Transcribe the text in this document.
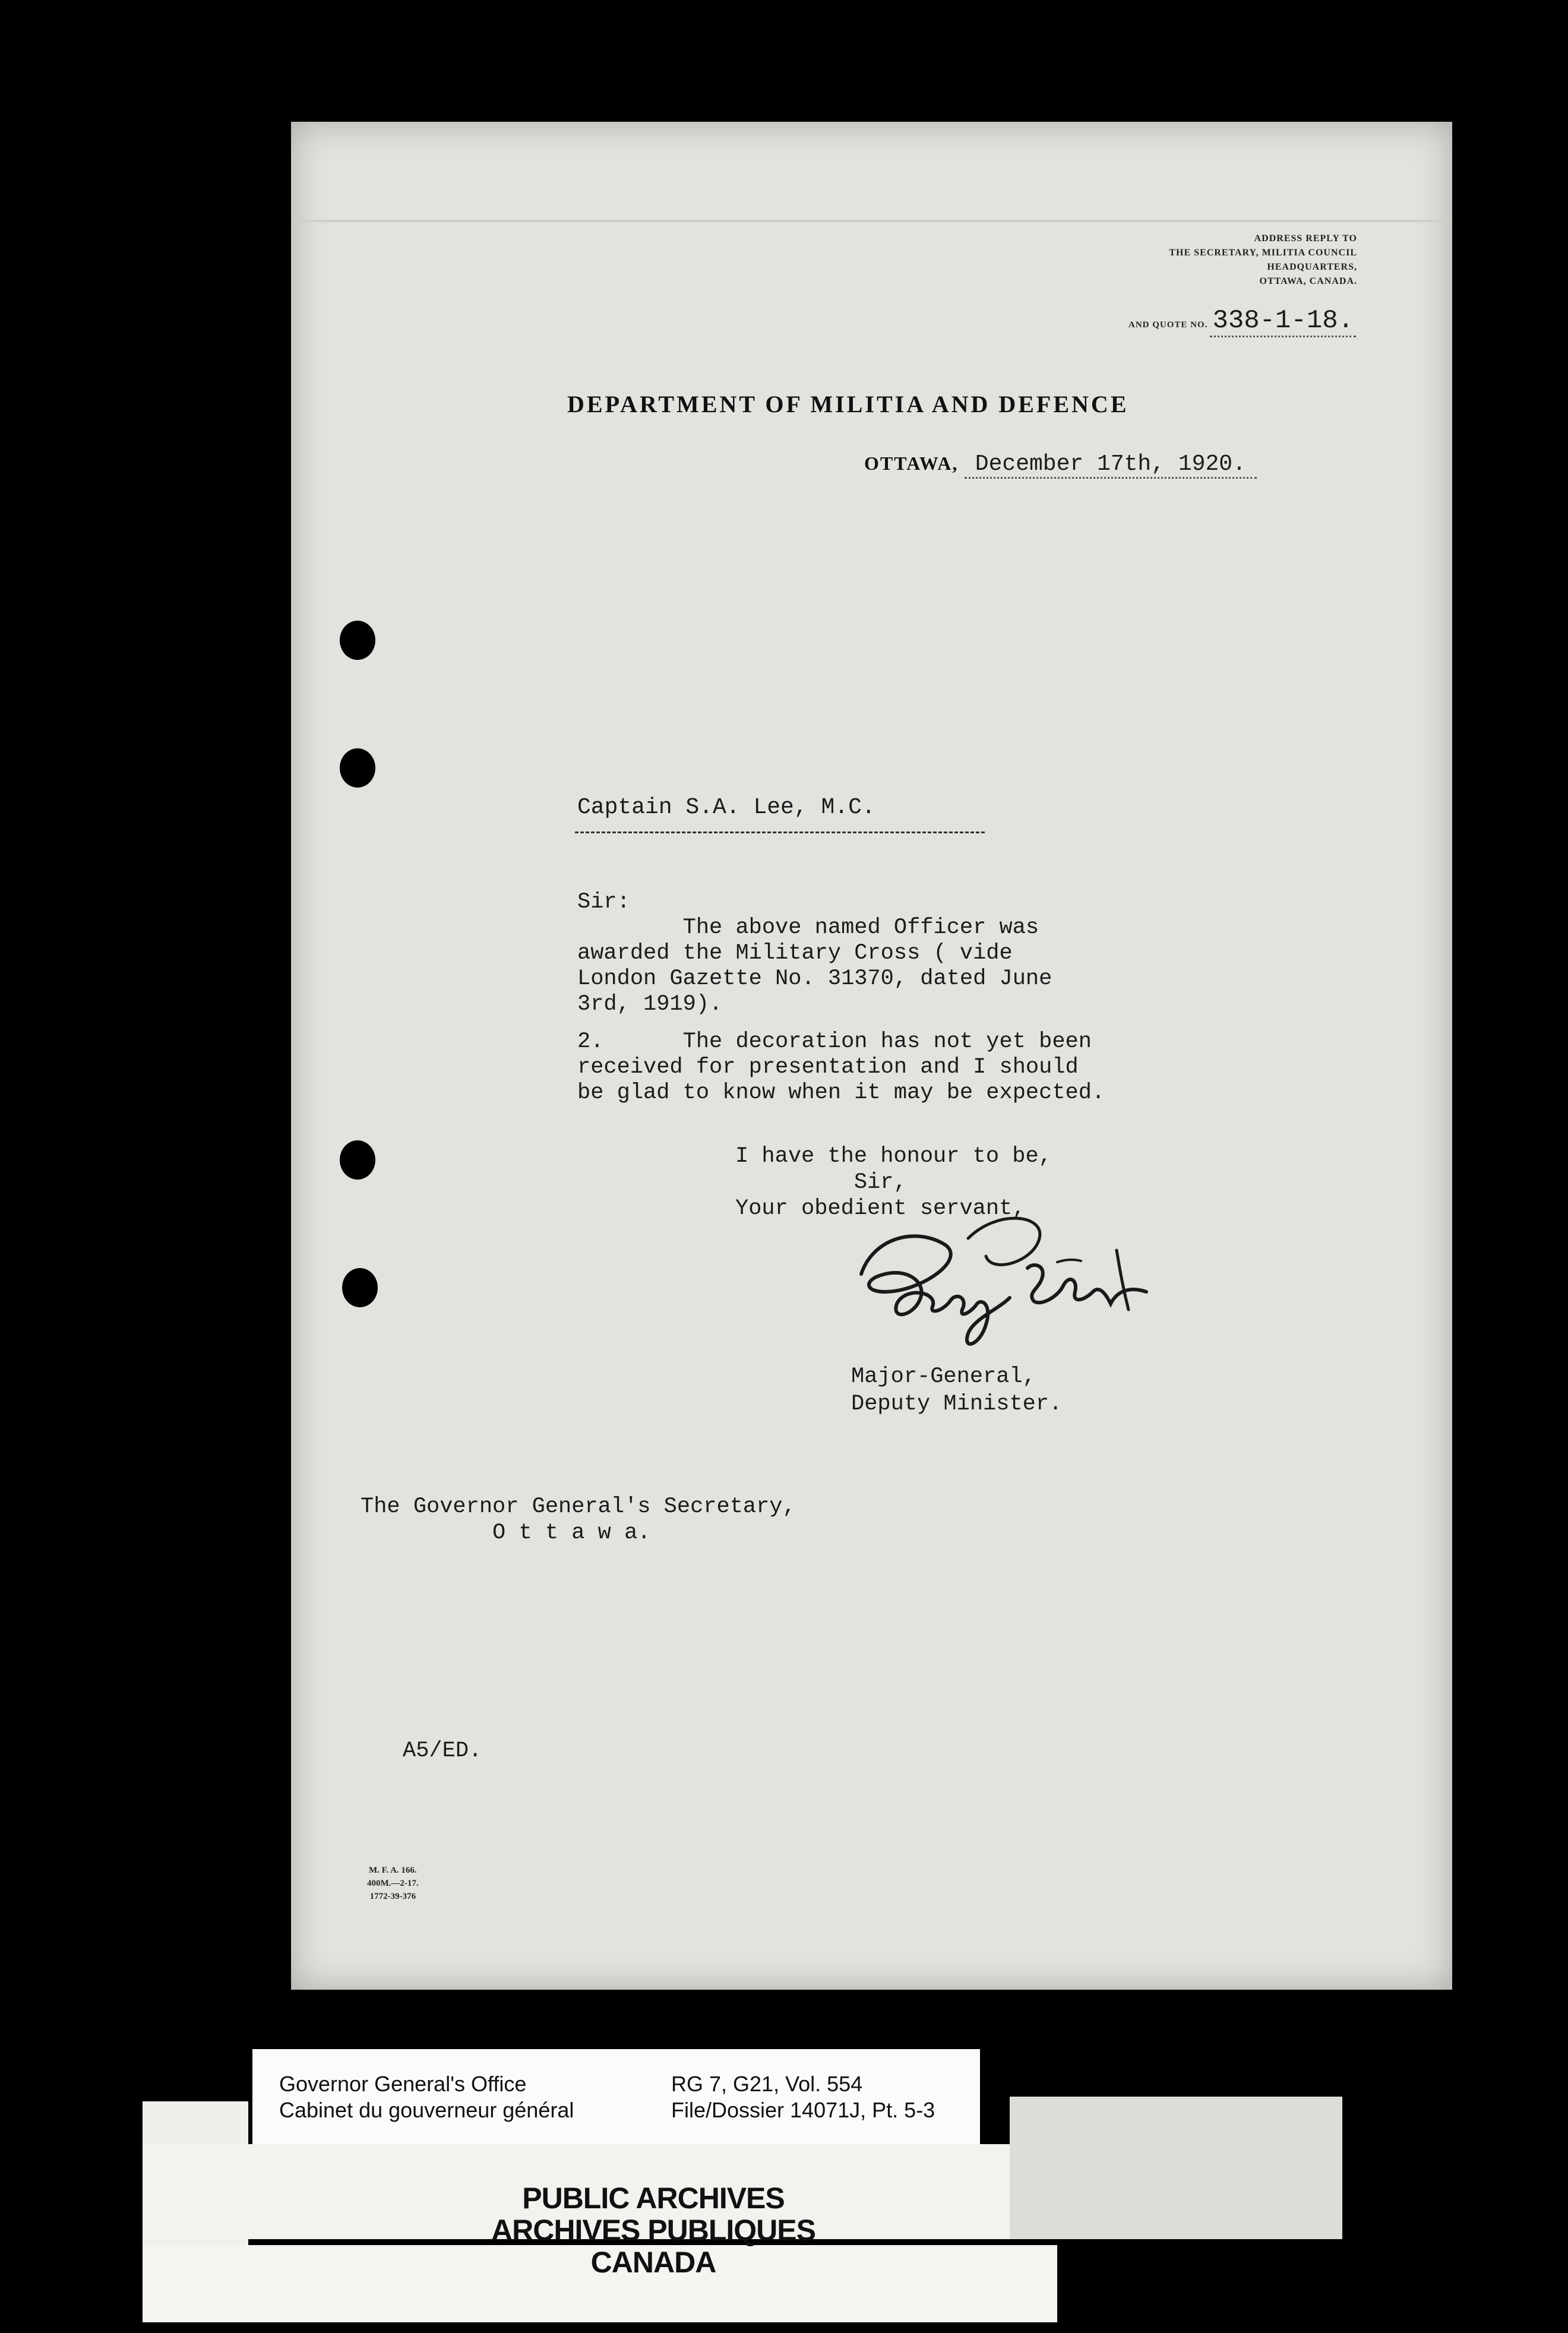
ADDRESS REPLY TO
THE SECRETARY, MILITIA COUNCIL
HEADQUARTERS,
OTTAWA, CANADA.
AND QUOTE NO. 338-1-18.
DEPARTMENT OF MILITIA AND DEFENCE
OTTAWA, December 17th, 1920.
Captain S.A. Lee, M.C.
Sir:
The above named Officer was
awarded the Military Cross ( vide
London Gazette No. 31370, dated June
3rd, 1919).
2.      The decoration has not yet been
received for presentation and I should
be glad to know when it may be expected.
I have the honour to be,
Sir,
Your obedient servant,
Major-General,
Deputy Minister.
The Governor General's Secretary,
O t t a w a.
A5/ED.
M. F. A. 166.
400M.—2-17.
1772-39-376
Governor General's Office
Cabinet du gouverneur général
RG 7, G21, Vol. 554
File/Dossier 14071J, Pt. 5-3
PUBLIC ARCHIVES
ARCHIVES PUBLIQUES
CANADA
